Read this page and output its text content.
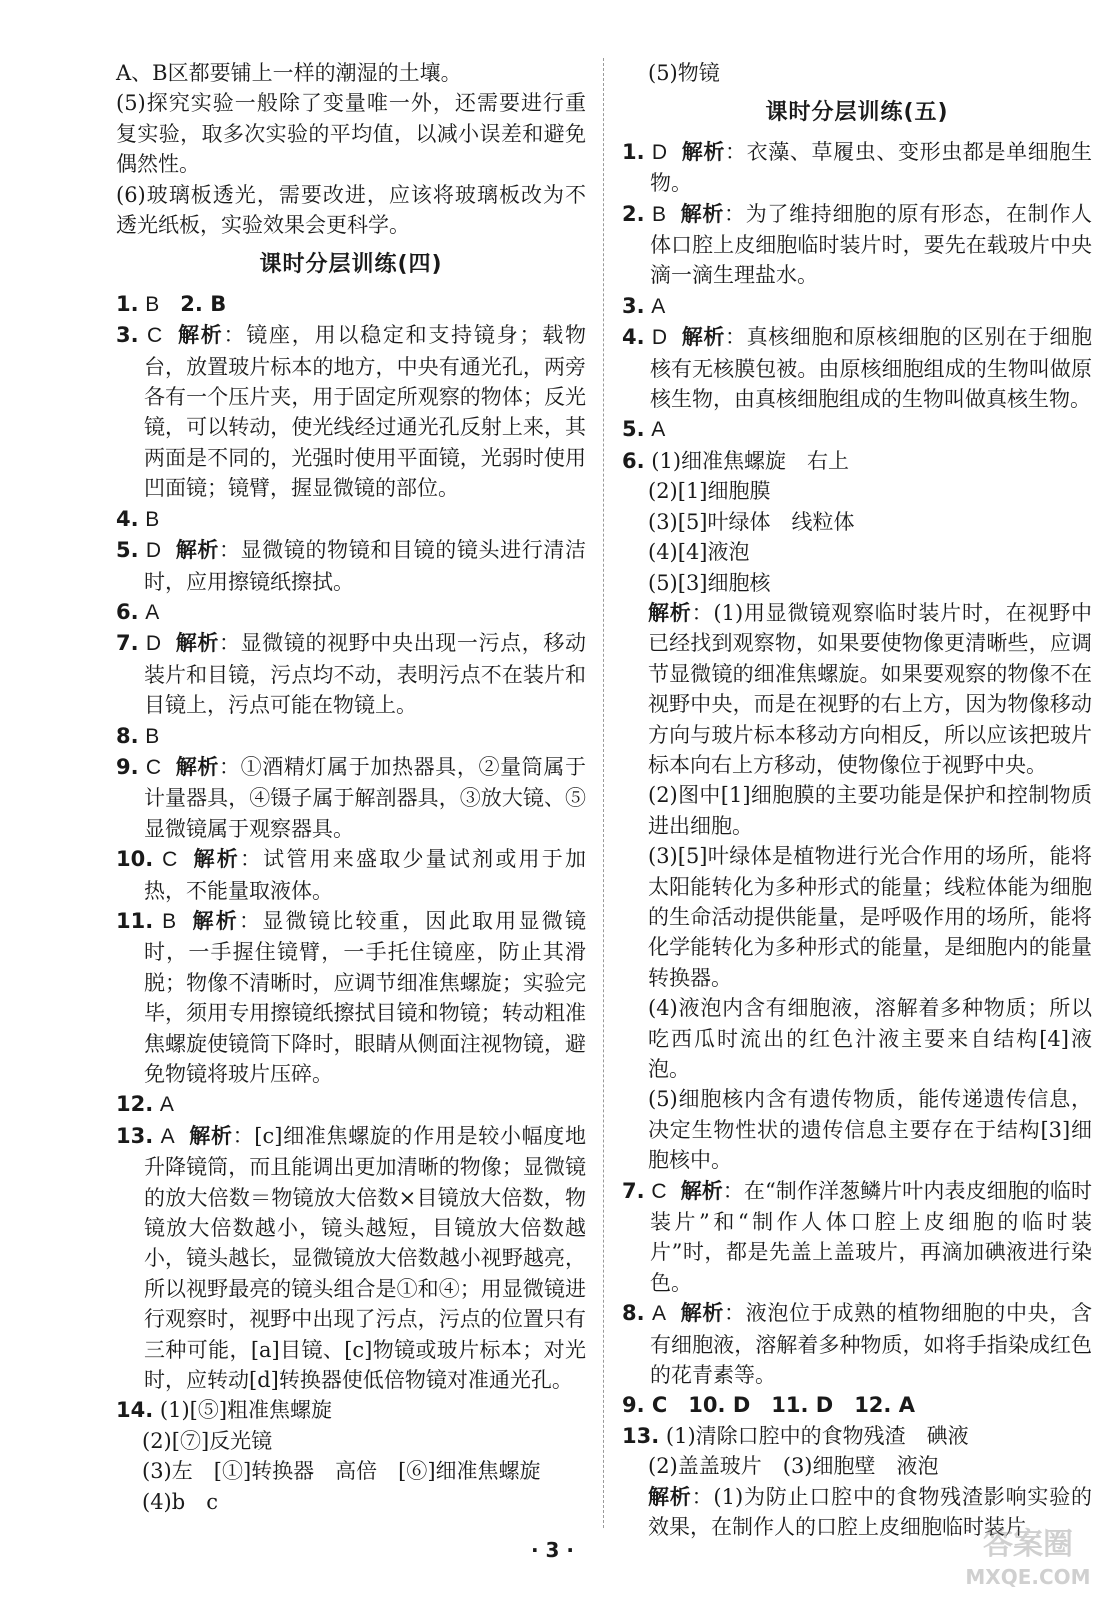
A、B区都要铺上一样的潮湿的土壤。

(5)探究实验一般除了变量唯一外，还需要进行重复实验，取多次实验的平均值，以减小误差和避免偶然性。

(6)玻璃板透光，需要改进，应该将玻璃板改为不透光纸板，实验效果会更科学。

课时分层训练(四)
1. B　 2. B
3. C 解析：镜座，用以稳定和支持镜身；载物台，放置玻片标本的地方，中央有通光孔，两旁各有一个压片夹，用于固定所观察的物体；反光镜，可以转动，使光线经过通光孔反射上来，其两面是不同的，光强时使用平面镜，光弱时使用凹面镜；镜臂，握显微镜的部位。
4. B
5. D 解析：显微镜的物镜和目镜的镜头进行清洁时，应用擦镜纸擦拭。
6. A
7. D 解析：显微镜的视野中央出现一污点，移动装片和目镜，污点均不动，表明污点不在装片和目镜上，污点可能在物镜上。
8. B
9. C 解析：①酒精灯属于加热器具，②量筒属于计量器具，④镊子属于解剖器具，③放大镜、⑤显微镜属于观察器具。
10. C 解析：试管用来盛取少量试剂或用于加热，不能量取液体。
11. B 解析：显微镜比较重，因此取用显微镜时，一手握住镜臂，一手托住镜座，防止其滑脱；物像不清晰时，应调节细准焦螺旋；实验完毕，须用专用擦镜纸擦拭目镜和物镜；转动粗准焦螺旋使镜筒下降时，眼睛从侧面注视物镜，避免物镜将玻片压碎。
12. A
13. A 解析：[c]细准焦螺旋的作用是较小幅度地升降镜筒，而且能调出更加清晰的物像；显微镜的放大倍数＝物镜放大倍数×目镜放大倍数，物镜放大倍数越小，镜头越短，目镜放大倍数越小，镜头越长，显微镜放大倍数越小视野越亮，所以视野最亮的镜头组合是①和④；用显微镜进行观察时，视野中出现了污点，污点的位置只有三种可能，[a]目镜、[c]物镜或玻片标本；对光时，应转动[d]转换器使低倍物镜对准通光孔。
14. (1)[⑤]粗准焦螺旋

(2)[⑦]反光镜

(3)左　[①]转换器　高倍　[⑥]细准焦螺旋

(4)b　c

(5)物镜

课时分层训练(五)
1. D 解析：衣藻、草履虫、变形虫都是单细胞生物。
2. B 解析：为了维持细胞的原有形态，在制作人体口腔上皮细胞临时装片时，要先在载玻片中央滴一滴生理盐水。
3. A
4. D 解析：真核细胞和原核细胞的区别在于细胞核有无核膜包被。由原核细胞组成的生物叫做原核生物，由真核细胞组成的生物叫做真核生物。
5. A
6. (1)细准焦螺旋　右上

(2)[1]细胞膜

(3)[5]叶绿体　线粒体

(4)[4]液泡

(5)[3]细胞核

解析：(1)用显微镜观察临时装片时，在视野中已经找到观察物，如果要使物像更清晰些，应调节显微镜的细准焦螺旋。如果要观察的物像不在视野中央，而是在视野的右上方，因为物像移动方向与玻片标本移动方向相反，所以应该把玻片标本向右上方移动，使物像位于视野中央。

(2)图中[1]细胞膜的主要功能是保护和控制物质进出细胞。

(3)[5]叶绿体是植物进行光合作用的场所，能将太阳能转化为多种形式的能量；线粒体能为细胞的生命活动提供能量，是呼吸作用的场所，能将化学能转化为多种形式的能量，是细胞内的能量转换器。

(4)液泡内含有细胞液，溶解着多种物质；所以吃西瓜时流出的红色汁液主要来自结构[4]液泡。

(5)细胞核内含有遗传物质，能传递遗传信息，决定生物性状的遗传信息主要存在于结构[3]细胞核中。

7. C 解析：在“制作洋葱鳞片叶内表皮细胞的临时装片”和“制作人体口腔上皮细胞的临时装片”时，都是先盖上盖玻片，再滴加碘液进行染色。
8. A 解析：液泡位于成熟的植物细胞的中央，含有细胞液，溶解着多种物质，如将手指染成红色的花青素等。

9. C　10. D　11. D　12. A

13. (1)清除口腔中的食物残渣　碘液

(2)盖盖玻片　(3)细胞壁　液泡

解析：(1)为防止口腔中的食物残渣影响实验的效果，在制作人的口腔上皮细胞临时装片

· 3 ·	答案圈
MXQE.COM
